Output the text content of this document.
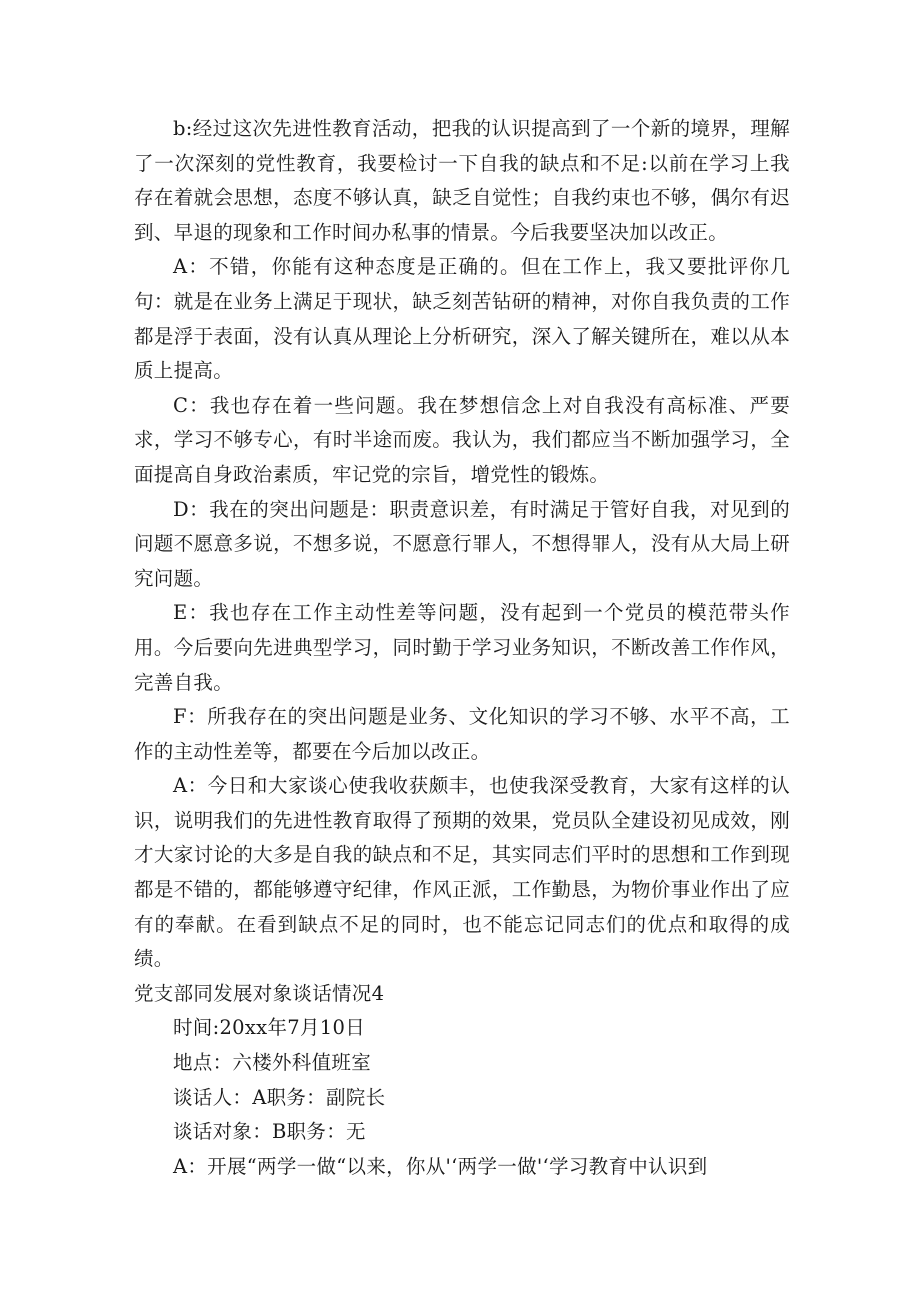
b:经过这次先进性教育活动，把我的认识提高到了一个新的境界，理解了一次深刻的党性教育，我要检讨一下自我的缺点和不足:以前在学习上我存在着就会思想，态度不够认真，缺乏自觉性；自我约束也不够，偶尔有迟到、早退的现象和工作时间办私事的情景。今后我要坚决加以改正。

A：不错，你能有这种态度是正确的。但在工作上，我又要批评你几句：就是在业务上满足于现状，缺乏刻苦钻研的精神，对你自我负责的工作都是浮于表面，没有认真从理论上分析研究，深入了解关键所在，难以从本质上提高。

C：我也存在着一些问题。我在梦想信念上对自我没有高标准、严要求，学习不够专心，有时半途而废。我认为，我们都应当不断加强学习，全面提高自身政治素质，牢记党的宗旨，增党性的锻炼。

D：我在的突出问题是：职责意识差，有时满足于管好自我，对见到的问题不愿意多说，不想多说，不愿意行罪人，不想得罪人，没有从大局上研究问题。

E：我也存在工作主动性差等问题，没有起到一个党员的模范带头作用。今后要向先进典型学习，同时勤于学习业务知识，不断改善工作作风，完善自我。

F：所我存在的突出问题是业务、文化知识的学习不够、水平不高，工作的主动性差等，都要在今后加以改正。

A：今日和大家谈心使我收获颇丰，也使我深受教育，大家有这样的认识，说明我们的先进性教育取得了预期的效果，党员队全建设初见成效，刚才大家讨论的大多是自我的缺点和不足，其实同志们平时的思想和工作到现都是不错的，都能够遵守纪律，作风正派，工作勤恳，为物价事业作出了应有的奉献。在看到缺点不足的同时，也不能忘记同志们的优点和取得的成绩。

党支部同发展对象谈话情况4

时间:20xx年7月10日

地点：六楼外科值班室

谈话人：A职务：副院长

谈话对象：B职务：无

A：开展“两学一做“以来，你从'‘两学一做'‘学习教育中认识到
